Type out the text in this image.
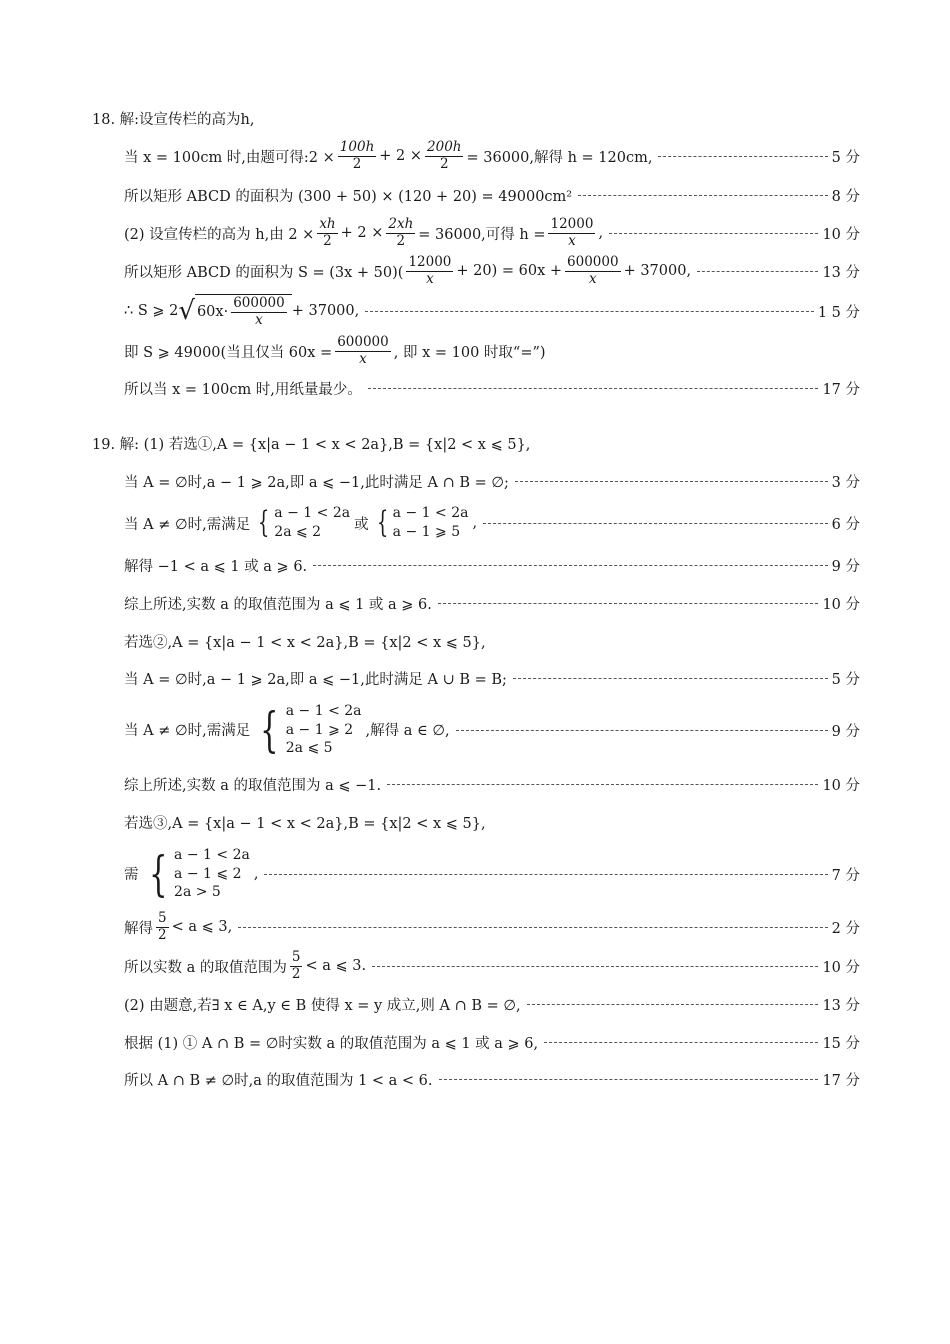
18. 解:设宣传栏的高为h,
当 x = 100cm 时,由题可得:2 × $\frac{100h}{2} + 2 \times \frac{200h}{2} = 36000$,解得 h = 120cm,	5 分
所以矩形 ABCD 的面积为 (300 + 50) × (120 + 20) = 49000cm²	8 分
(2) 设宣传栏的高为 h,由 $2 \times \frac{xh}{2} + 2 \times \frac{2xh}{2} = 36000$,可得 $h = \frac{12000}{x}$ ,	10 分
所以矩形 ABCD 的面积为 $S = (3x + 50)( \frac{12000}{x} + 20) = 60x + \frac{600000}{x} + 37000$,	13 分
∴ S ⩾ 2 √ $60x\cdot \frac{600000}{x} + 37000$,	1 5 分
即 S ⩾ 49000(当且仅当 $60x = \frac{600000}{x}$ , 即 x = 100 时取“=”)
所以当 x = 100cm 时,用纸量最少。	17 分
19. 解: (1) 若选①,A = {x|a − 1 < x < 2a},B = {x|2 < x ⩽ 5},
当 A = ∅时,a − 1 ⩾ 2a,即 a ⩽ −1,此时满足 A ∩ B = ∅;	3 分
当 A ≠ ∅时,需满足 { a − 1 < 2a
2a ⩽ 2	或 { a − 1 < 2a
a − 1 ⩾ 5
,	6 分
解得 −1 < a ⩽ 1 或 a ⩾ 6.	9 分
综上所述,实数 a 的取值范围为 a ⩽ 1 或 a ⩾ 6.	10 分
若选②,A = {x|a − 1 < x < 2a},B = {x|2 < x ⩽ 5},
当 A = ∅时,a − 1 ⩾ 2a,即 a ⩽ −1,此时满足 A ∪ B = B;	5 分
当 A ≠ ∅时,需满足 { a − 1 < 2a
a − 1 ⩾ 2
2a ⩽ 5
,解得 a ∈ ∅,	9 分
综上所述,实数 a 的取值范围为 a ⩽ −1.	10 分
若选③,A = {x|a − 1 < x < 2a},B = {x|2 < x ⩽ 5},
需 { a − 1 < 2a
a − 1 ⩽ 2
2a > 5
,	7 分
解得 $\frac{5}{2} < a$ ⩽ 3,	2 分
所以实数 a 的取值范围为 $\frac{5}{2} < a$ ⩽ 3.	10 分
(2) 由题意,若∃ x ∈ A,y ∈ B 使得 x = y 成立,则 A ∩ B = ∅,	13 分
根据 (1) ① A ∩ B = ∅时实数 a 的取值范围为 a ⩽ 1 或 a ⩾ 6,	15 分
所以 A ∩ B ≠ ∅时,a 的取值范围为 1 < a < 6.	17 分
